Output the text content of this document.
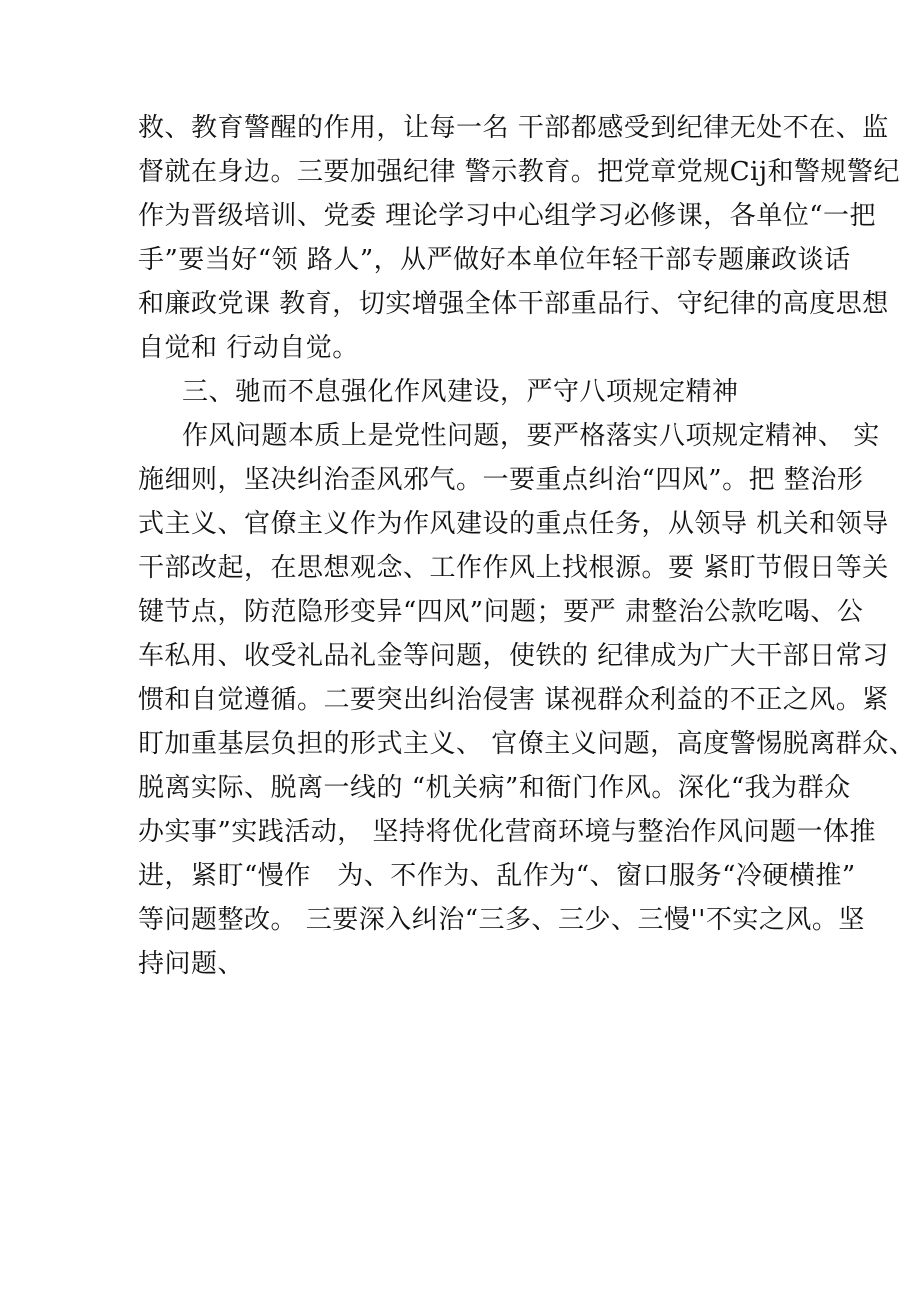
救、教育警醒的作用，让每一名 干部都感受到纪律无处不在、监
督就在身边。三要加强纪律 警示教育。把党章党规Cij和警规警纪
作为晋级培训、党委 理论学习中心组学习必修课，各单位“一把
手”要当好“领 路人”，从严做好本单位年轻干部专题廉政谈话
和廉政党课 教育，切实增强全体干部重品行、守纪律的高度思想
自觉和 行动自觉。
三、驰而不息强化作风建设，严守八项规定精神
作风问题本质上是党性问题，要严格落实八项规定精神、 实
施细则，坚决纠治歪风邪气。一要重点纠治“四风”。把 整治形
式主义、官僚主义作为作风建设的重点任务，从领导 机关和领导
干部改起，在思想观念、工作作风上找根源。要 紧盯节假日等关
键节点，防范隐形变异“四风”问题；要严 肃整治公款吃喝、公
车私用、收受礼品礼金等问题，使铁的 纪律成为广大干部日常习
惯和自觉遵循。二要突出纠治侵害 谋视群众利益的不正之风。紧
盯加重基层负担的形式主义、 官僚主义问题，高度警惕脱离群众、
脱离实际、脱离一线的 “机关病”和衙门作风。深化“我为群众
办实事”实践活动， 坚持将优化营商环境与整治作风问题一体推
进，紧盯“慢作　为、不作为、乱作为“、窗口服务“冷硬横推”
等问题整改。 三要深入纠治“三多、三少、三慢''不实之风。坚
持问题、
